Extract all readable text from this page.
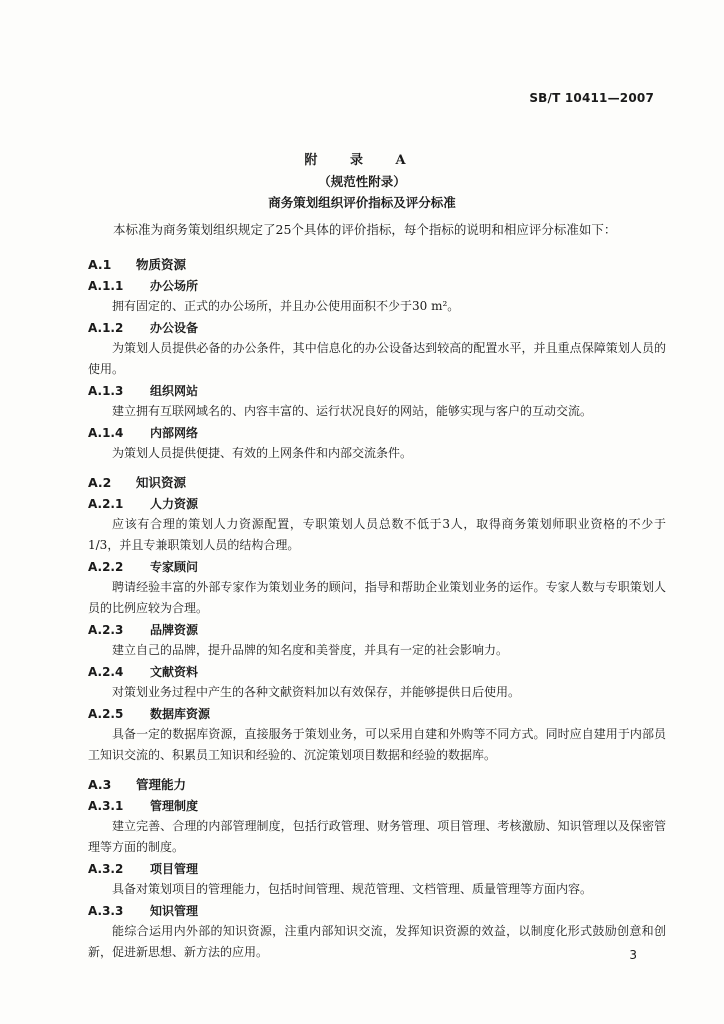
SB/T 10411—2007
附 录 A
（规范性附录）
商务策划组织评价指标及评分标准
本标准为商务策划组织规定了25个具体的评价指标，每个指标的说明和相应评分标准如下：
A.1 物质资源
A.1.1 办公场所
拥有固定的、正式的办公场所，并且办公使用面积不少于30 m²。
A.1.2 办公设备
为策划人员提供必备的办公条件，其中信息化的办公设备达到较高的配置水平，并且重点保障策划人员的使用。
A.1.3 组织网站
建立拥有互联网域名的、内容丰富的、运行状况良好的网站，能够实现与客户的互动交流。
A.1.4 内部网络
为策划人员提供便捷、有效的上网条件和内部交流条件。
A.2 知识资源
A.2.1 人力资源
应该有合理的策划人力资源配置，专职策划人员总数不低于3人，取得商务策划师职业资格的不少于1/3，并且专兼职策划人员的结构合理。
A.2.2 专家顾问
聘请经验丰富的外部专家作为策划业务的顾问，指导和帮助企业策划业务的运作。专家人数与专职策划人员的比例应较为合理。
A.2.3 品牌资源
建立自己的品牌，提升品牌的知名度和美誉度，并具有一定的社会影响力。
A.2.4 文献资料
对策划业务过程中产生的各种文献资料加以有效保存，并能够提供日后使用。
A.2.5 数据库资源
具备一定的数据库资源，直接服务于策划业务，可以采用自建和外购等不同方式。同时应自建用于内部员工知识交流的、积累员工知识和经验的、沉淀策划项目数据和经验的数据库。
A.3 管理能力
A.3.1 管理制度
建立完善、合理的内部管理制度，包括行政管理、财务管理、项目管理、考核激励、知识管理以及保密管理等方面的制度。
A.3.2 项目管理
具备对策划项目的管理能力，包括时间管理、规范管理、文档管理、质量管理等方面内容。
A.3.3 知识管理
能综合运用内外部的知识资源，注重内部知识交流，发挥知识资源的效益，以制度化形式鼓励创意和创新，促进新思想、新方法的应用。	3
